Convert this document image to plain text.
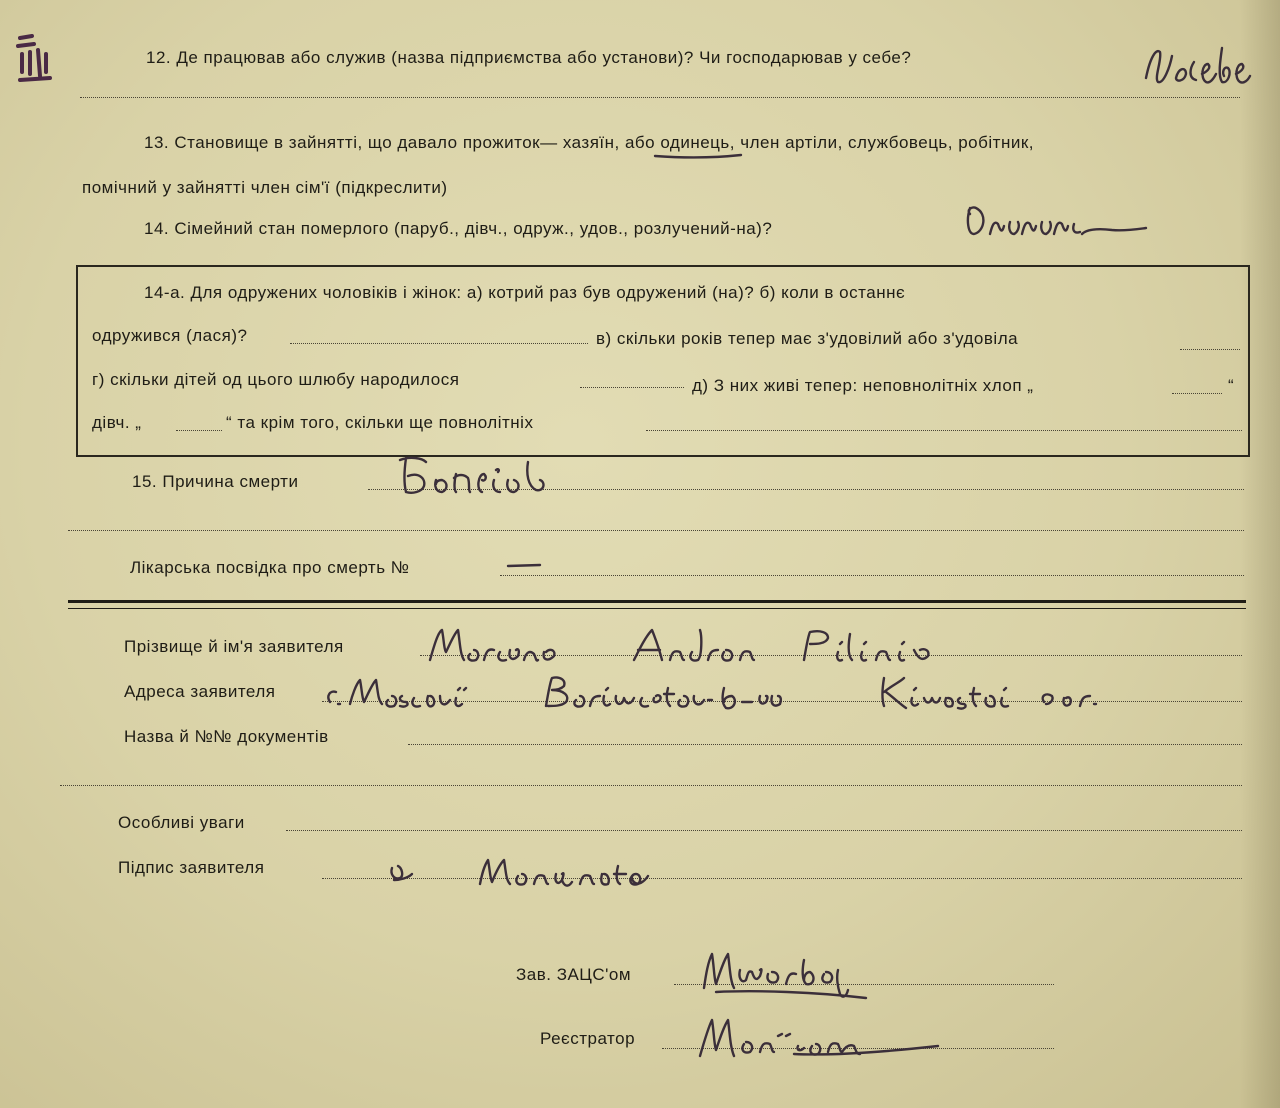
12. Де працював або служив (назва підприємства або установи)? Чи господарював у себе?
13. Становище в зайнятті, що давало прожиток— хазяїн, або одинець, член артіли, службовець, робітник,
помічний у зайнятті член сім'ї (підкреслити)
14. Сімейний стан померлого (паруб., дівч., одруж., удов., розлучений-на)?
14-а. Для одружених чоловіків і жінок: а) котрий раз був одружений (на)? б) коли в останнє
одружився (лася)?	в) скільки років тепер має з'удовілий або з'удовіла
г) скільки дітей од цього шлюбу народилося	д) З них живі тепер: неповнолітніх хлоп „	“
дівч. „	“ та крім того, скільки ще повнолітніх
15. Причина смерти
Лікарська посвідка про смерть №
Прізвище й ім'я заявителя
Адреса заявителя
Назва й №№ документів
Особливі уваги
Підпис заявителя
Зав. ЗАЦС'ом
Реєстратор
